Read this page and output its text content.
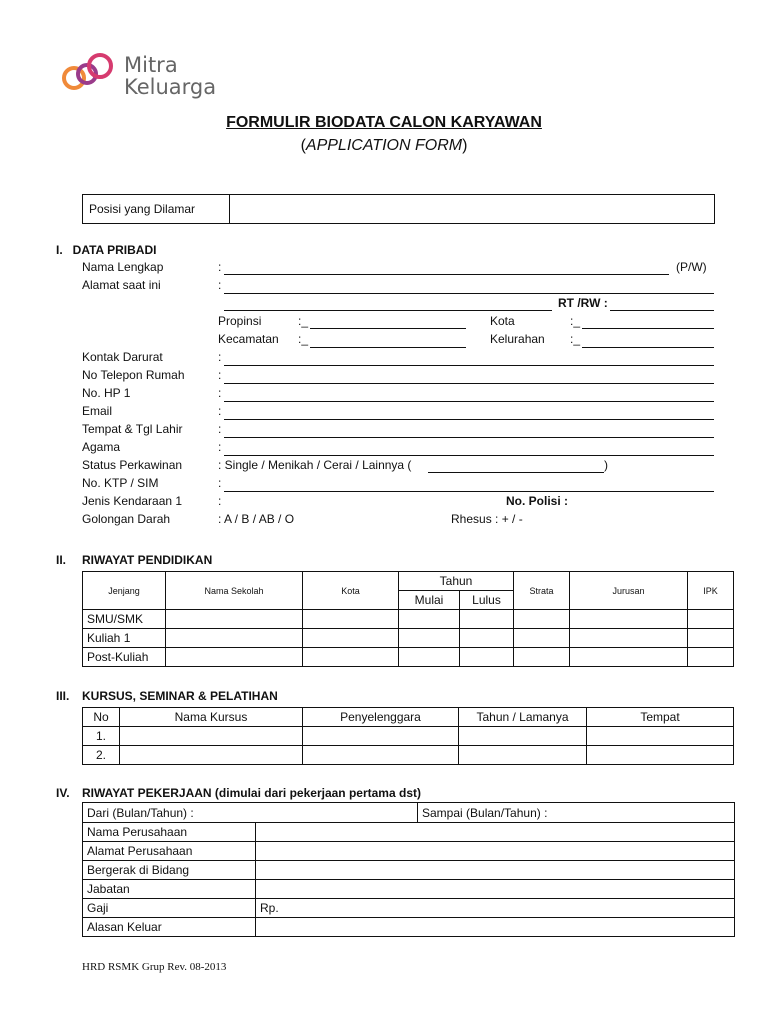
Mitra
Keluarga
FORMULIR BIODATA CALON KARYAWAN
(APPLICATION FORM)
Posisi yang Dilamar
I.   DATA PRIBADI
Nama Lengkap	:	(P/W)
Alamat saat ini	:
RT /RW :
Propinsi	:_	Kota	:_
Kecamatan :_	Kelurahan :_
Kontak Darurat	:
No Telepon Rumah	:
No. HP 1	:
Email	:
Tempat & Tgl Lahir	:
Agama	:
Status Perkawinan	: Single / Menikah / Cerai / Lainnya (	)
No. KTP / SIM	:
Jenis Kendaraan 1	:	No. Polisi :
Golongan Darah	: A / B / AB / O	Rhesus : + / -
II. RIWAYAT PENDIDIKAN
Jenjang	Nama Sekolah	Kota	Tahun		Strata	Jurusan	IPK
			Mulai	Lulus			
SMU/SMK							
Kuliah 1							
Post-Kuliah							
III. KURSUS, SEMINAR & PELATIHAN
No	Nama Kursus	Penyelenggara	Tahun / Lamanya	Tempat
1.				
2.				
IV. RIWAYAT PEKERJAAN (dimulai dari pekerjaan pertama dst)
Dari (Bulan/Tahun) :		Sampai (Bulan/Tahun) :
Nama Perusahaan		
Alamat Perusahaan		
Bergerak di Bidang		
Jabatan		
Gaji	Rp.	
Alasan Keluar		
HRD RSMK Grup Rev. 08-2013
